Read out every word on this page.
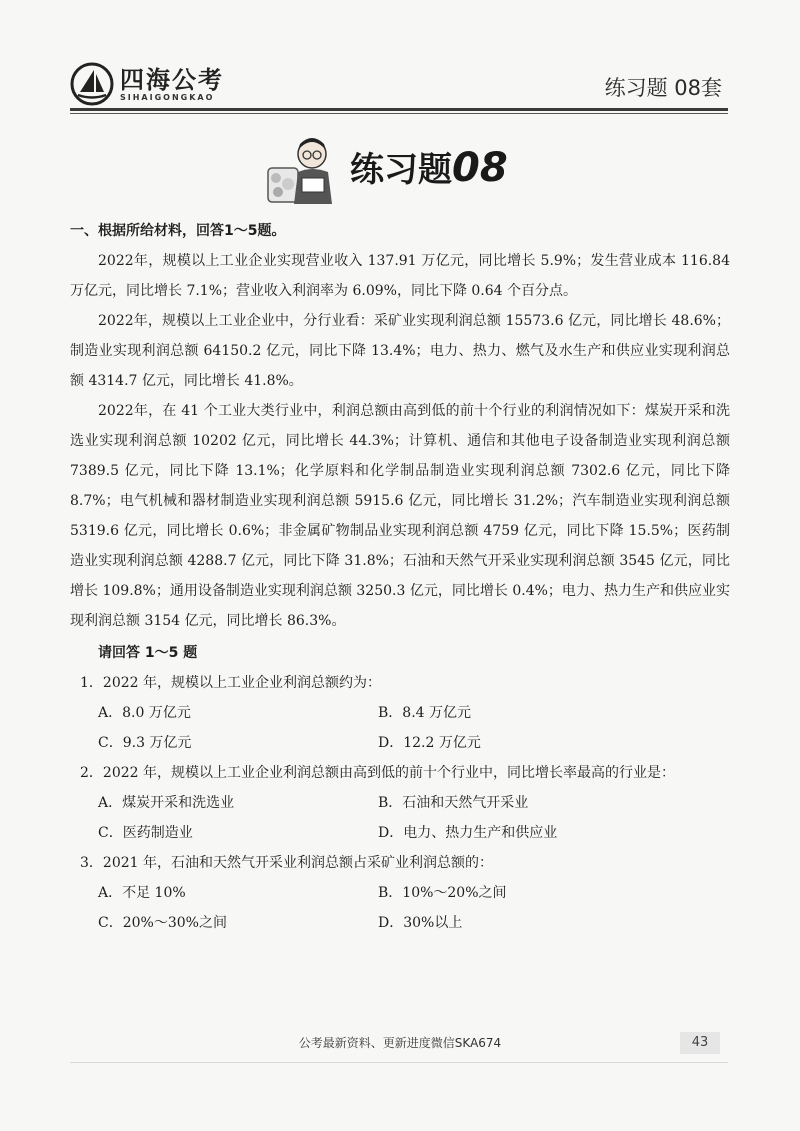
四海公考
SIHAIGONGKAO	练习题 08套
练习题08
一、根据所给材料，回答1～5题。

2022年，规模以上工业企业实现营业收入 137.91 万亿元，同比增长 5.9%；发生营业成本 116.84 万亿元，同比增长 7.1%；营业收入利润率为 6.09%，同比下降 0.64 个百分点。

2022年，规模以上工业企业中，分行业看：采矿业实现利润总额 15573.6 亿元，同比增长 48.6%；制造业实现利润总额 64150.2 亿元，同比下降 13.4%；电力、热力、燃气及水生产和供应业实现利润总额 4314.7 亿元，同比增长 41.8%。

2022年，在 41 个工业大类行业中，利润总额由高到低的前十个行业的利润情况如下：煤炭开采和洗选业实现利润总额 10202 亿元，同比增长 44.3%；计算机、通信和其他电子设备制造业实现利润总额 7389.5 亿元，同比下降 13.1%；化学原料和化学制品制造业实现利润总额 7302.6 亿元，同比下降 8.7%；电气机械和器材制造业实现利润总额 5915.6 亿元，同比增长 31.2%；汽车制造业实现利润总额 5319.6 亿元，同比增长 0.6%；非金属矿物制品业实现利润总额 4759 亿元，同比下降 15.5%；医药制造业实现利润总额 4288.7 亿元，同比下降 31.8%；石油和天然气开采业实现利润总额 3545 亿元，同比增长 109.8%；通用设备制造业实现利润总额 3250.3 亿元，同比增长 0.4%；电力、热力生产和供应业实现利润总额 3154 亿元，同比增长 86.3%。

请回答 1～5 题
1．2022 年，规模以上工业企业利润总额约为：
A．8.0 万亿元	B．8.4 万亿元
C．9.3 万亿元	D．12.2 万亿元
2．2022 年，规模以上工业企业利润总额由高到低的前十个行业中，同比增长率最高的行业是：
A．煤炭开采和洗选业	B．石油和天然气开采业
C．医药制造业	D．电力、热力生产和供应业
3．2021 年，石油和天然气开采业利润总额占采矿业利润总额的：
A．不足 10%	B．10%～20%之间
C．20%～30%之间	D．30%以上
公考最新资料、更新进度微信SKA674	43
